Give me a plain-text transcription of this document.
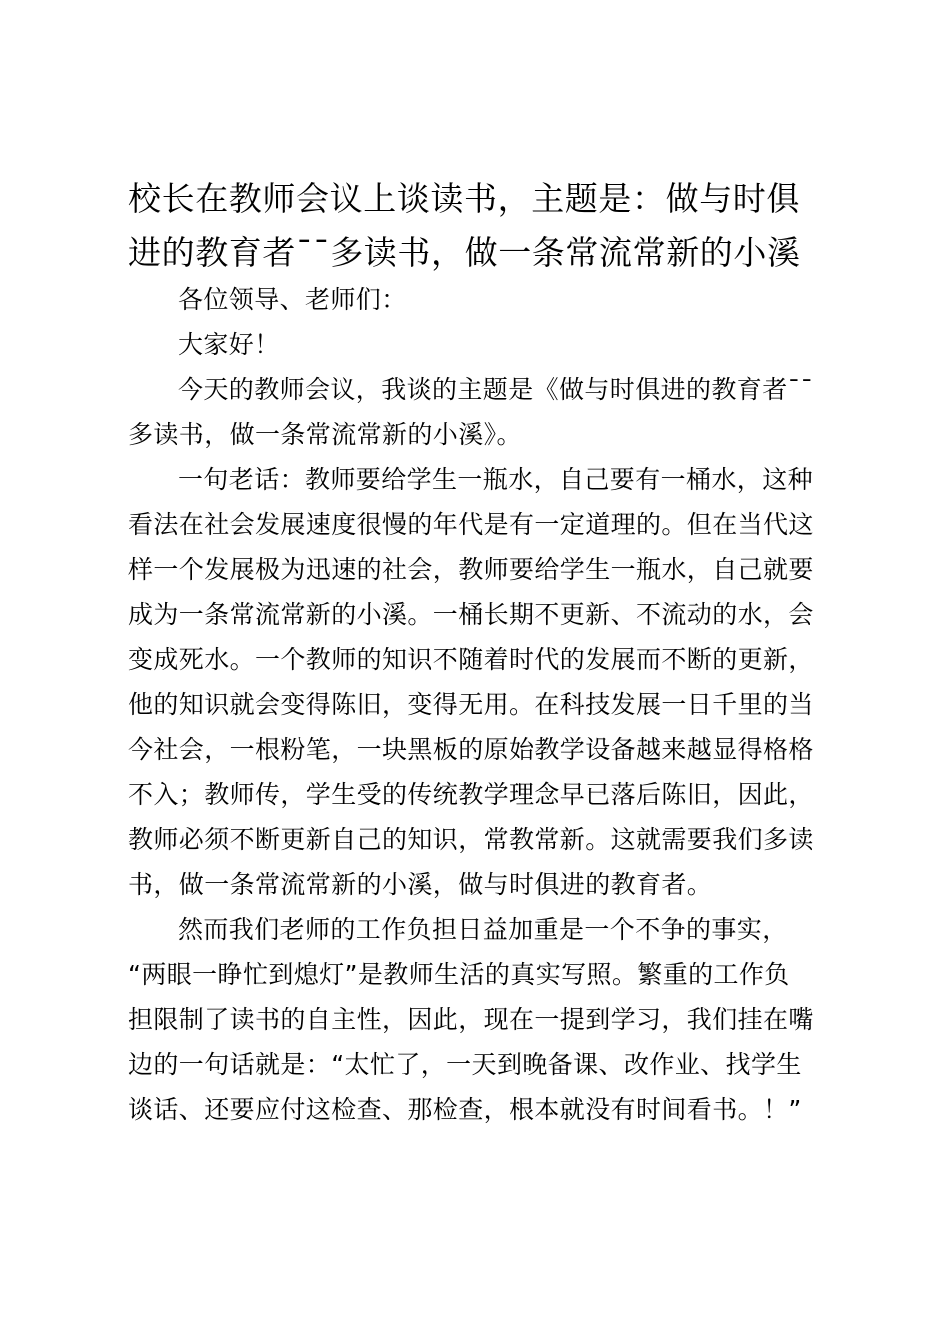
校长在教师会议上谈读书，主题是：做与时俱
进的教育者¯¯多读书，做一条常流常新的小溪
各位领导、老师们：
大家好！
今天的教师会议，我谈的主题是《做与时俱进的教育者¯¯
多读书，做一条常流常新的小溪》。
一句老话：教师要给学生一瓶水，自己要有一桶水，这种
看法在社会发展速度很慢的年代是有一定道理的。但在当代这
样一个发展极为迅速的社会，教师要给学生一瓶水，自己就要
成为一条常流常新的小溪。一桶长期不更新、不流动的水，会
变成死水。一个教师的知识不随着时代的发展而不断的更新，
他的知识就会变得陈旧，变得无用。在科技发展一日千里的当
今社会，一根粉笔，一块黑板的原始教学设备越来越显得格格
不入；教师传，学生受的传统教学理念早已落后陈旧，因此，
教师必须不断更新自己的知识，常教常新。这就需要我们多读
书，做一条常流常新的小溪，做与时俱进的教育者。
然而我们老师的工作负担日益加重是一个不争的事实，
“两眼一睁忙到熄灯”是教师生活的真实写照。繁重的工作负
担限制了读书的自主性，因此，现在一提到学习，我们挂在嘴
边的一句话就是：“太忙了，一天到晚备课、改作业、找学生
谈话、还要应付这检查、那检查，根本就没有时间看书。！”
